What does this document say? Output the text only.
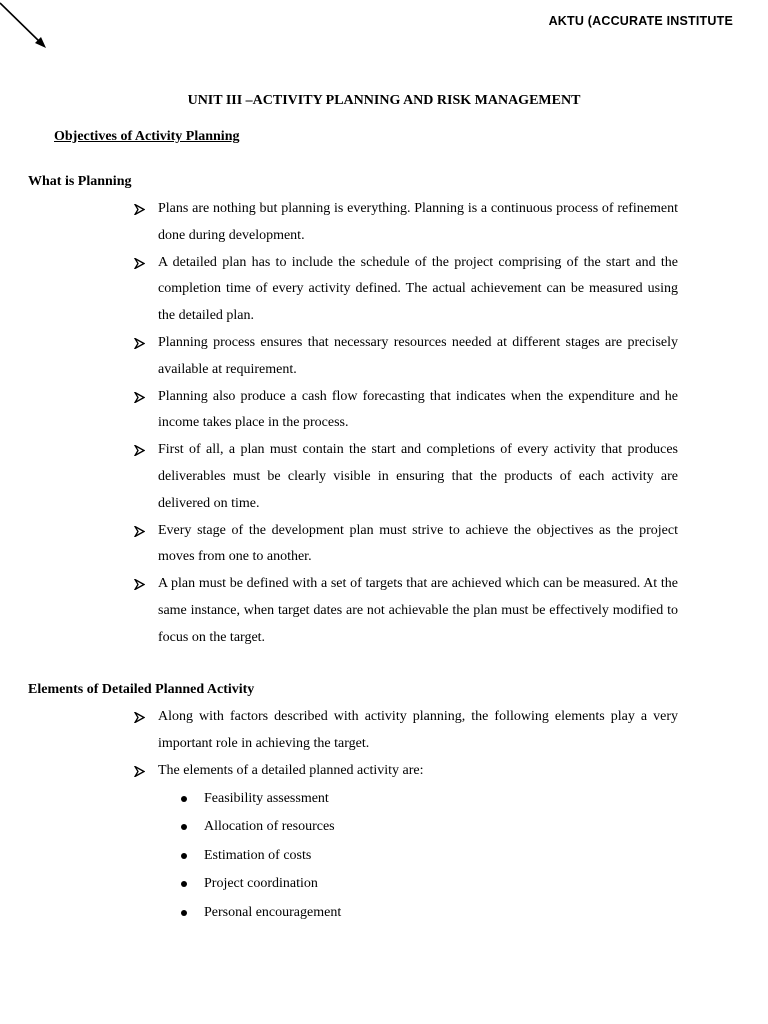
AKTU (ACCURATE INSTITUTE
UNIT III –ACTIVITY PLANNING AND RISK MANAGEMENT
Objectives of Activity Planning
What is Planning
Plans are nothing but planning is everything. Planning is a continuous process of refinement done during development.
A detailed plan has to include the schedule of the project comprising of the start and the completion time of every activity defined. The actual achievement can be measured using the detailed plan.
Planning process ensures that necessary resources needed at different stages are precisely available at requirement.
Planning also produce a cash flow forecasting that indicates when the expenditure and he income takes place in the process.
First of all, a plan must contain the start and completions of every activity that produces deliverables must be clearly visible in ensuring that the products of each activity are delivered on time.
Every stage of the development plan must strive to achieve the objectives as the project moves from one to another.
A plan must be defined with a set of targets that are achieved which can be measured. At the same instance, when target dates are not achievable the plan must be effectively modified to focus on the target.
Elements of Detailed Planned Activity
Along with factors described with activity planning, the following elements play a very important role in achieving the target.
The elements of a detailed planned activity are:
Feasibility assessment
Allocation of resources
Estimation of costs
Project coordination
Personal encouragement
